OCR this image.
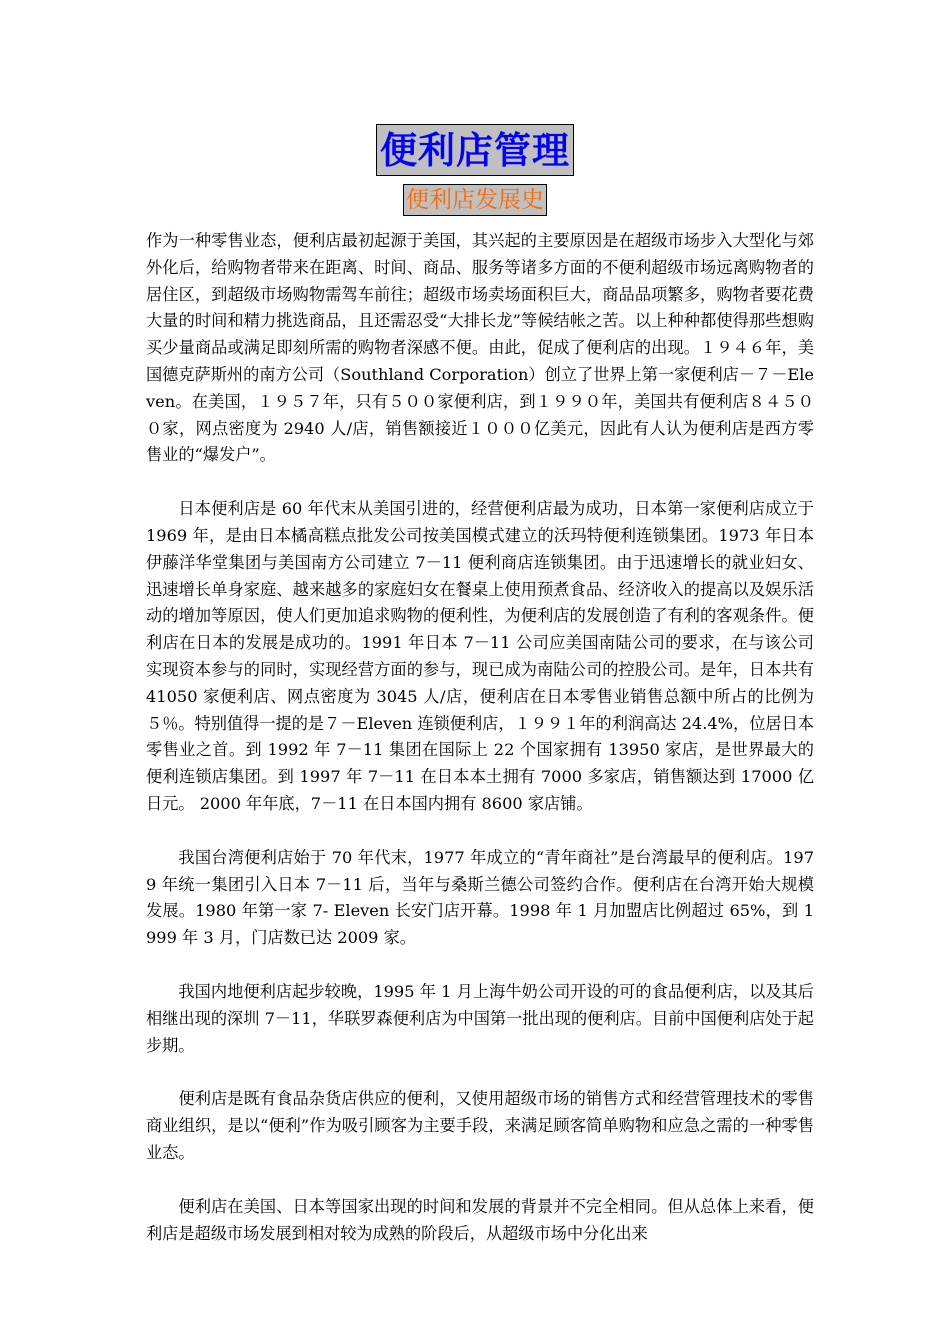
便利店管理
便利店发展史

作为一种零售业态，便利店最初起源于美国，其兴起的主要原因是在超级市场步入大型化与郊外化后，给购物者带来在距离、时间、商品、服务等诸多方面的不便利超级市场远离购物者的居住区，到超级市场购物需驾车前往；超级市场卖场面积巨大，商品品项繁多，购物者要花费大量的时间和精力挑选商品，且还需忍受“大排长龙”等候结帐之苦。以上种种都使得那些想购买少量商品或满足即刻所需的购物者深感不便。由此，促成了便利店的出现。１９４６年，美国德克萨斯州的南方公司（Southland Corporation）创立了世界上第一家便利店－７－Eleven。在美国，１９５７年，只有５００家便利店，到１９９０年，美国共有便利店８４５００家，网点密度为 2940 人/店，销售额接近１０００亿美元，因此有人认为便利店是西方零售业的“爆发户”。

日本便利店是 60 年代末从美国引进的，经营便利店最为成功，日本第一家便利店成立于 1969 年，是由日本橘高糕点批发公司按美国模式建立的沃玛特便利连锁集团。1973 年日本伊藤洋华堂集团与美国南方公司建立 7－11 便利商店连锁集团。由于迅速增长的就业妇女、迅速增长单身家庭、越来越多的家庭妇女在餐桌上使用预煮食品、经济收入的提高以及娱乐活动的增加等原因，使人们更加追求购物的便利性，为便利店的发展创造了有利的客观条件。便利店在日本的发展是成功的。1991 年日本 7－11 公司应美国南陆公司的要求，在与该公司实现资本参与的同时，实现经营方面的参与，现已成为南陆公司的控股公司。是年，日本共有 41050 家便利店、网点密度为 3045 人/店，便利店在日本零售业销售总额中所占的比例为５％。特别值得一提的是７－Eleven 连锁便利店，１９９１年的利润高达 24.4%，位居日本零售业之首。到 1992 年 7－11 集团在国际上 22 个国家拥有 13950 家店，是世界最大的便利连锁店集团。到 1997 年 7－11 在日本本土拥有 7000 多家店，销售额达到 17000 亿日元。 2000 年年底，7－11 在日本国内拥有 8600 家店铺。

我国台湾便利店始于 70 年代末，1977 年成立的“青年商社”是台湾最早的便利店。1979 年统一集团引入日本 7－11 后，当年与桑斯兰德公司签约合作。便利店在台湾开始大规模发展。1980 年第一家 7- Eleven 长安门店开幕。1998 年 1 月加盟店比例超过 65%，到 1999 年 3 月，门店数已达 2009 家。

我国内地便利店起步较晚，1995 年 1 月上海牛奶公司开设的可的食品便利店，以及其后相继出现的深圳 7－11，华联罗森便利店为中国第一批出现的便利店。目前中国便利店处于起步期。

便利店是既有食品杂货店供应的便利，又使用超级市场的销售方式和经营管理技术的零售商业组织，是以“便利”作为吸引顾客为主要手段，来满足顾客简单购物和应急之需的一种零售业态。

便利店在美国、日本等国家出现的时间和发展的背景并不完全相同。但从总体上来看，便利店是超级市场发展到相对较为成熟的阶段后，从超级市场中分化出来
